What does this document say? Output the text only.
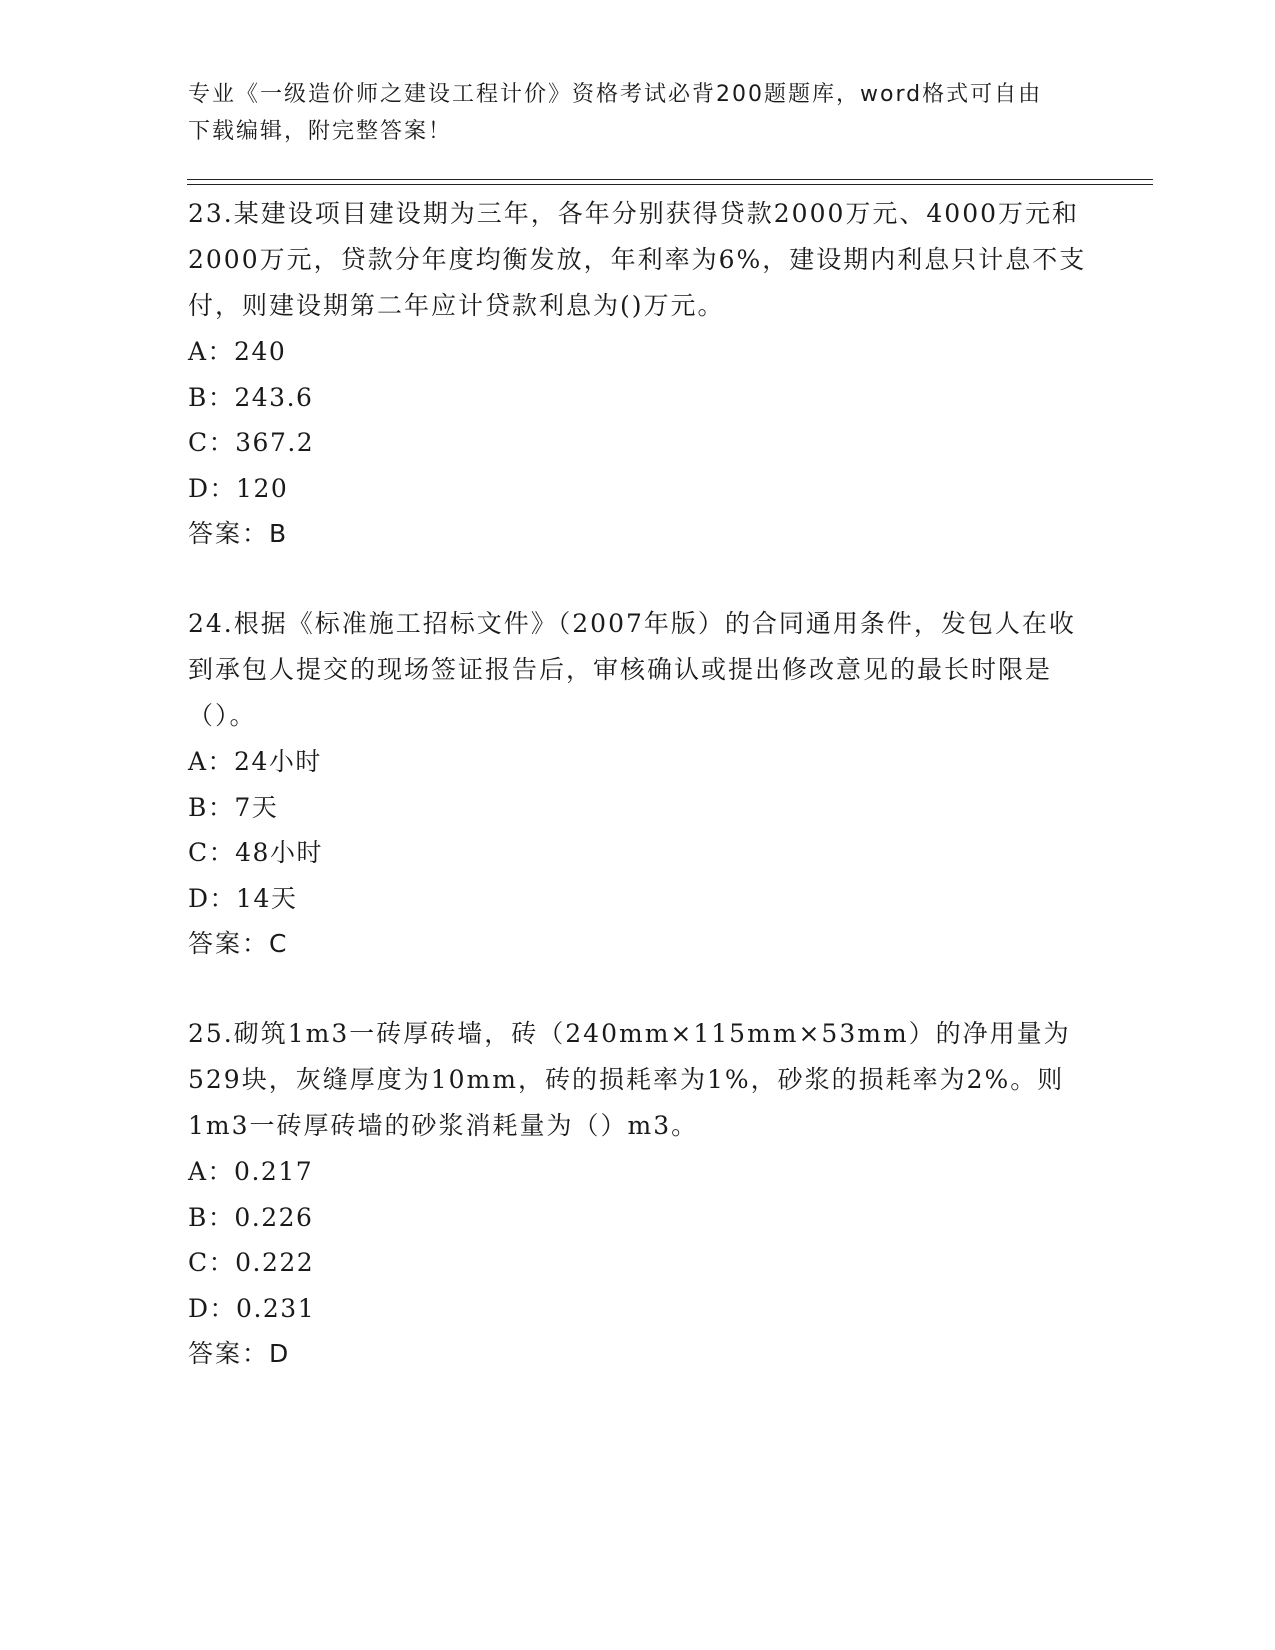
专业《一级造价师之建设工程计价》资格考试必背200题题库，word格式可自由
下载编辑，附完整答案！

23.某建设项目建设期为三年，各年分别获得贷款2000万元、4000万元和2000万元，贷款分年度均衡发放，年利率为6%，建设期内利息只计息不支付，则建设期第二年应计贷款利息为()万元。

A：240

B：243.6

C：367.2

D：120

答案：B

24.根据《标准施工招标文件》（2007年版）的合同通用条件，发包人在收到承包人提交的现场签证报告后，审核确认或提出修改意见的最长时限是（）。

A：24小时

B：7天

C：48小时

D：14天

答案：C

25.砌筑1m3一砖厚砖墙，砖（240mm×115mm×53mm）的净用量为529块，灰缝厚度为10mm，砖的损耗率为1%，砂浆的损耗率为2%。则1m3一砖厚砖墙的砂浆消耗量为（）m3。

A：0.217

B：0.226

C：0.222

D：0.231

答案：D
